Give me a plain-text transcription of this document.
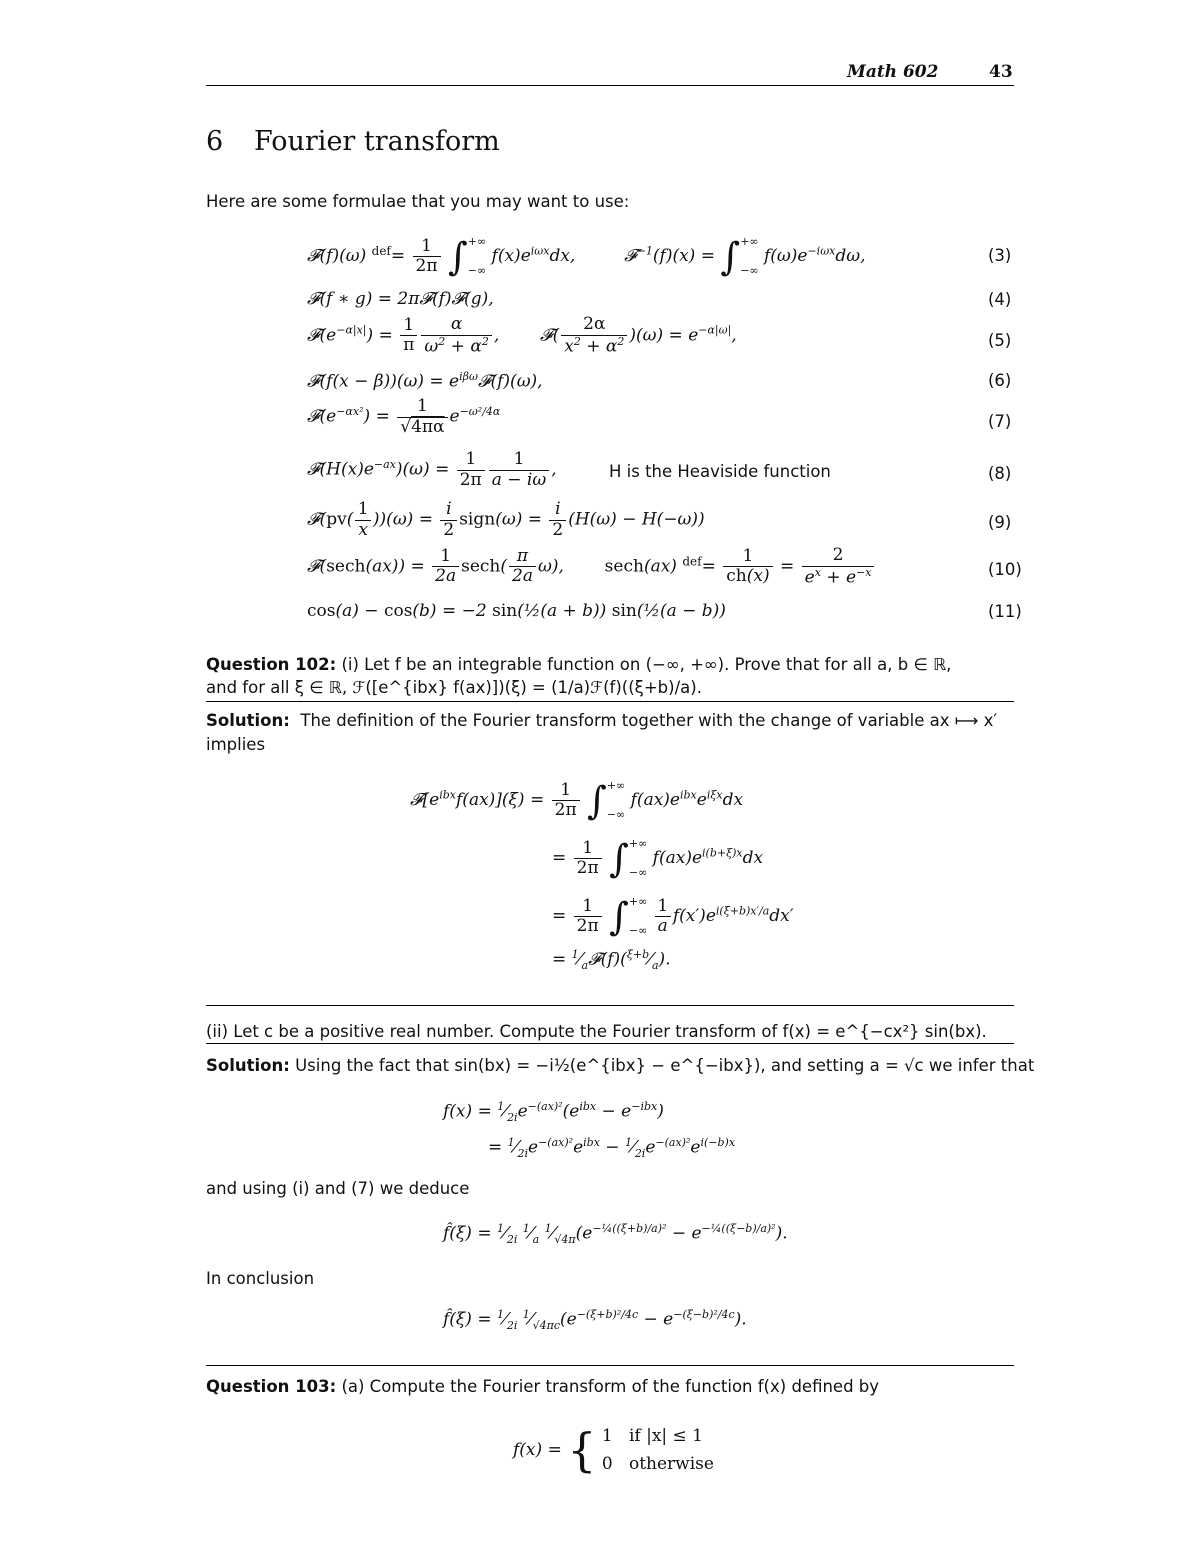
Math 602	43
6 Fourier transform
Here are some formulae that you may want to use:
𝓕(f)(ω) $^{def}= \frac{1}{2\pi}$ ∫+∞
−∞ $f(x)e^{i\omega x}dx$,  𝓕$^{-1}$(f)(x) = ∫+∞
−∞ $f(\omega)e^{-i\omega x}d\omega$,	(3)
𝓕(f ∗ g) = 2π𝓕(f)𝓕(g),	(4)
$𝓕(e^{-\alpha|x|}) = \frac{1}{\pi} \frac{\alpha}{\omega^2 + \alpha^2}$ ,  𝓕( $\frac{2\alpha}{x^2 + \alpha^2} )(\omega) = e^{-\alpha|\omega|}$,	(5)
𝓕(f(x − $\beta))(\omega) = e^{i\beta\omega}𝓕(f)(\omega)$,	(6)
$𝓕(e^{-\alpha x^2}) = \frac{1}{√4\pi\alpha} e^{-\omega^2/4\alpha}$
(7)
$𝓕(H(x)e^{-ax})(\omega) = \frac{1}{2\pi} \frac{1}{a - i\omega}$ ,	H is the Heaviside function	(8)
𝓕(pv( $\frac{1}{x} ))(\omega) = \frac{i}{2}$ sign(ω) = $\frac{i}{2} (H(\omega) - H(-\omega))$	(9)
𝓕(sech(ax)) = $\frac{1}{2a} \sec h( \frac{\pi}{2a} \omega)$,  sech(ax) $^{def}= \frac{1}{ch(x)} = \frac{2}{e^x + e^{-x}}$	(10)
cos(a) − cos(b) = −2 sin(½(a + b)) sin(½(a − b))	(11)
Question 102: (i) Let f be an integrable function on (−∞, +∞). Prove that for all a, b ∈ ℝ,
and for all ξ ∈ ℝ, ℱ([e^{ibx} f(ax)])(ξ) = (1/a)ℱ(f)((ξ+b)/a).
Solution: The definition of the Fourier transform together with the change of variable ax ⟼ x′
implies
$𝓕[e^{ibx}f(ax)](\xi) = \frac{1}{2\pi}$ ∫+∞
−∞ $f(ax)e^{ibx}e^{i\xi x}dx$
= $\frac{1}{2\pi}$ ∫+∞
−∞ $f(ax)e^{i(b+\xi)x}dx$
= $\frac{1}{2\pi}$ ∫+∞
−∞ $\frac{1}{a} f(x')e^{i(\xi+b)x'/a}dx'$
= $^1⁄_a𝓕(f)(^{\xi+b}⁄_a)$.
(ii) Let c be a positive real number. Compute the Fourier transform of f(x) = e^{−cx²} sin(bx).
Solution: Using the fact that sin(bx) = −i½(e^{ibx} − e^{−ibx}), and setting a = √c we infer that
$f(x) = ^1⁄_{2i}e^{-(ax)^2}(e^{ibx} - e^{-ibx})$
= $^1⁄_{2i}e^{-(ax)^2}e^{ibx}$ − $^1⁄_{2i}e^{-(ax)^2}e^{i(-b)x}$
and using (i) and (7) we deduce
f̂(ξ) = $^1⁄_{2i}$ $^1⁄_a$ $^1⁄_{√4\pi}(e^{-\frac{1}{4}((\xi+b)/a)^2} - e^{-\frac{1}{4}((\xi-b)/a)^2})$.
In conclusion
f̂(ξ) = $^1⁄_{2i}$ $^1⁄_{√4\pi c}(e^{-(\xi+b)^2/4c} - e^{-(\xi-b)^2/4c})$.
Question 103: (a) Compute the Fourier transform of the function f(x) defined by
f(x) = { 1 if |x| ≤ 1
0 otherwise
